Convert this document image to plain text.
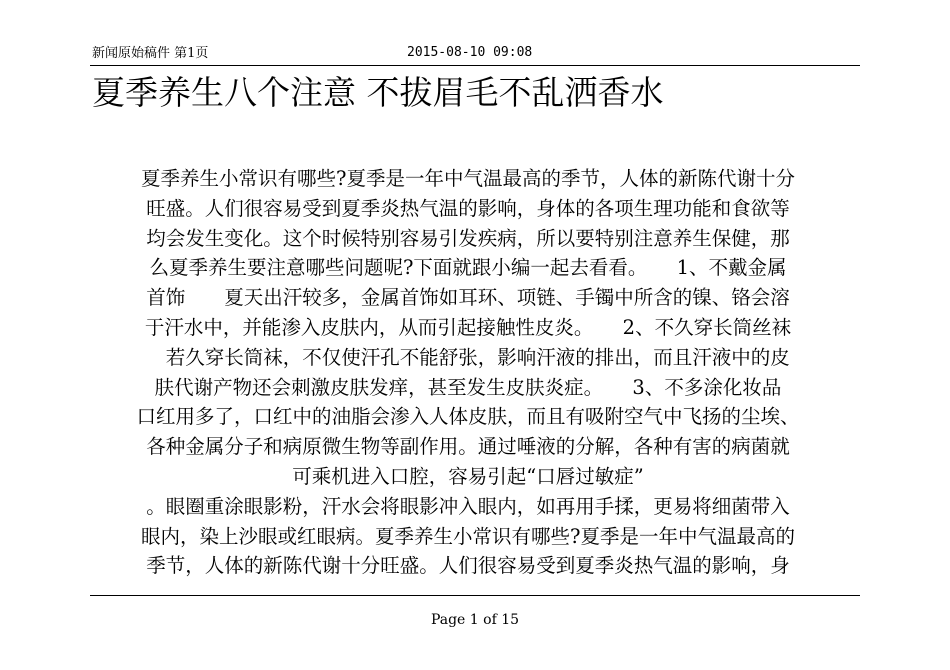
新闻原始稿件 第1页	2015-08-10 09:08
夏季养生八个注意 不拔眉毛不乱洒香水

夏季养生小常识有哪些?夏季是一年中气温最高的季节，人体的新陈代谢十分

旺盛。人们很容易受到夏季炎热气温的影响，身体的各项生理功能和食欲等

均会发生变化。这个时候特别容易引发疾病，所以要特别注意养生保健，那

么夏季养生要注意哪些问题呢?下面就跟小编一起去看看。　　1、不戴金属

首饰　　夏天出汗较多，金属首饰如耳环、项链、手镯中所含的镍、铬会溶

于汗水中，并能渗入皮肤内，从而引起接触性皮炎。　　2、不久穿长筒丝袜

　若久穿长筒袜，不仅使汗孔不能舒张，影响汗液的排出，而且汗液中的皮

肤代谢产物还会刺激皮肤发痒，甚至发生皮肤炎症。　　3、不多涂化妆品

口红用多了，口红中的油脂会渗入人体皮肤，而且有吸附空气中飞扬的尘埃、

各种金属分子和病原微生物等副作用。通过唾液的分解，各种有害的病菌就

可乘机进入口腔，容易引起“口唇过敏症”

。眼圈重涂眼影粉，汗水会将眼影冲入眼内，如再用手揉，更易将细菌带入

眼内，染上沙眼或红眼病。夏季养生小常识有哪些?夏季是一年中气温最高的

季节，人体的新陈代谢十分旺盛。人们很容易受到夏季炎热气温的影响，身

Page 1 of 15
